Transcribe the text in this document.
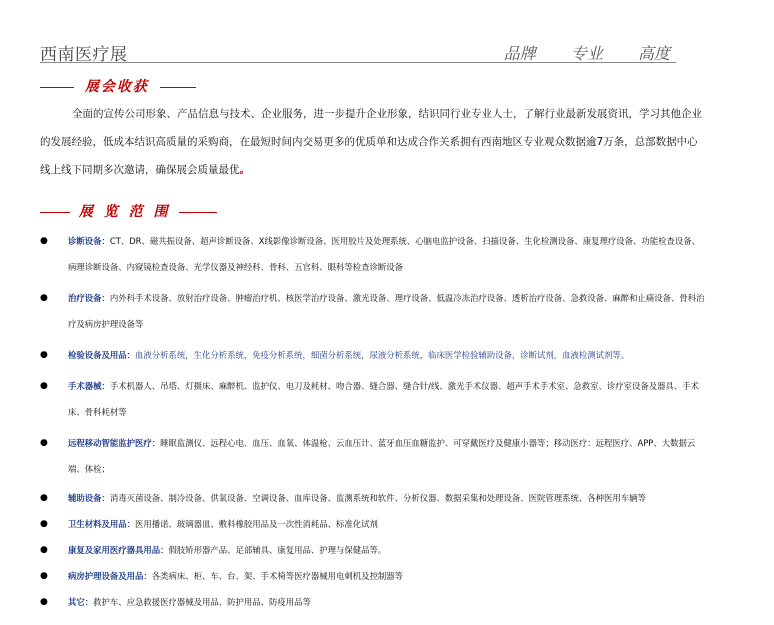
西南医疗展	品牌 专业 高度
展会收获
全面的宣传公司形象、产品信息与技术、企业服务，进一步提升企业形象，结识同行业专业人士，了解行业最新发展资讯，学习其他企业的发展经验，低成本结识高质量的采购商，在最短时间内交易更多的优质单和达成合作关系拥有西南地区专业观众数据逾7万条，总部数据中心线上线下同期多次邀请，确保展会质量最优。
展 览 范 围
● 诊断设备：CT、DR、磁共振设备、超声诊断设备、X线影像诊断设备、医用胶片及处理系统、心脑电监护设备、扫描设备、生化检测设备、康复理疗设备、功能检查设备、病理诊断设备、内窥镜检查设备、光学仪器及神经科、骨科、五官科、眼科等检查诊断设备
● 治疗设备：内外科手术设备、放射治疗设备、肿瘤治疗机、核医学治疗设备、激光设备、理疗设备、低温冷冻治疗设备、透析治疗设备、急救设备、麻醉和止痛设备、骨科治疗及病房护理设备等
● 检验设备及用品：血液分析系统，生化分析系统，免疫分析系统，细菌分析系统，尿液分析系统，临床医学检验辅助设备，诊断试剂，血液检测试剂等。
● 手术器械：手术机器人、吊塔、灯摄床、麻醉机、监护仪、电刀及耗材、吻合器、缝合器、缝合针/线、激光手术仪器、超声手术手术室、急救室、诊疗室设备及器具、手术床、骨科耗材等
● 远程移动智能监护医疗：睡眠监测仪、远程心电、血压、血氧、体温枪、云血压计、蓝牙血压血糖监护、可穿戴医疗及健康小器等；移动医疗：远程医疗、APP、大数据云端、体检；
● 辅助设备：消毒灭菌设备、制冷设备、供氧设备、空调设备、血库设备、监测系统和软件、分析仪器、数据采集和处理设备、医院管理系统、各种医用车辆等
● 卫生材料及用品：医用播诺、玻璃器皿、敷料橡胶用品及一次性消耗品、标准化试剂
● 康复及家用医疗器具用品：假肢矫形器产品、足部辅具、康复用品、护理与保健品等。
● 病房护理设备及用品：各类病床、柜、车、台、架、手术椅等医疗器械用电刺机及控制器等
● 其它：救护车、应急救援医疗器械及用品、防护用品、防疫用品等
